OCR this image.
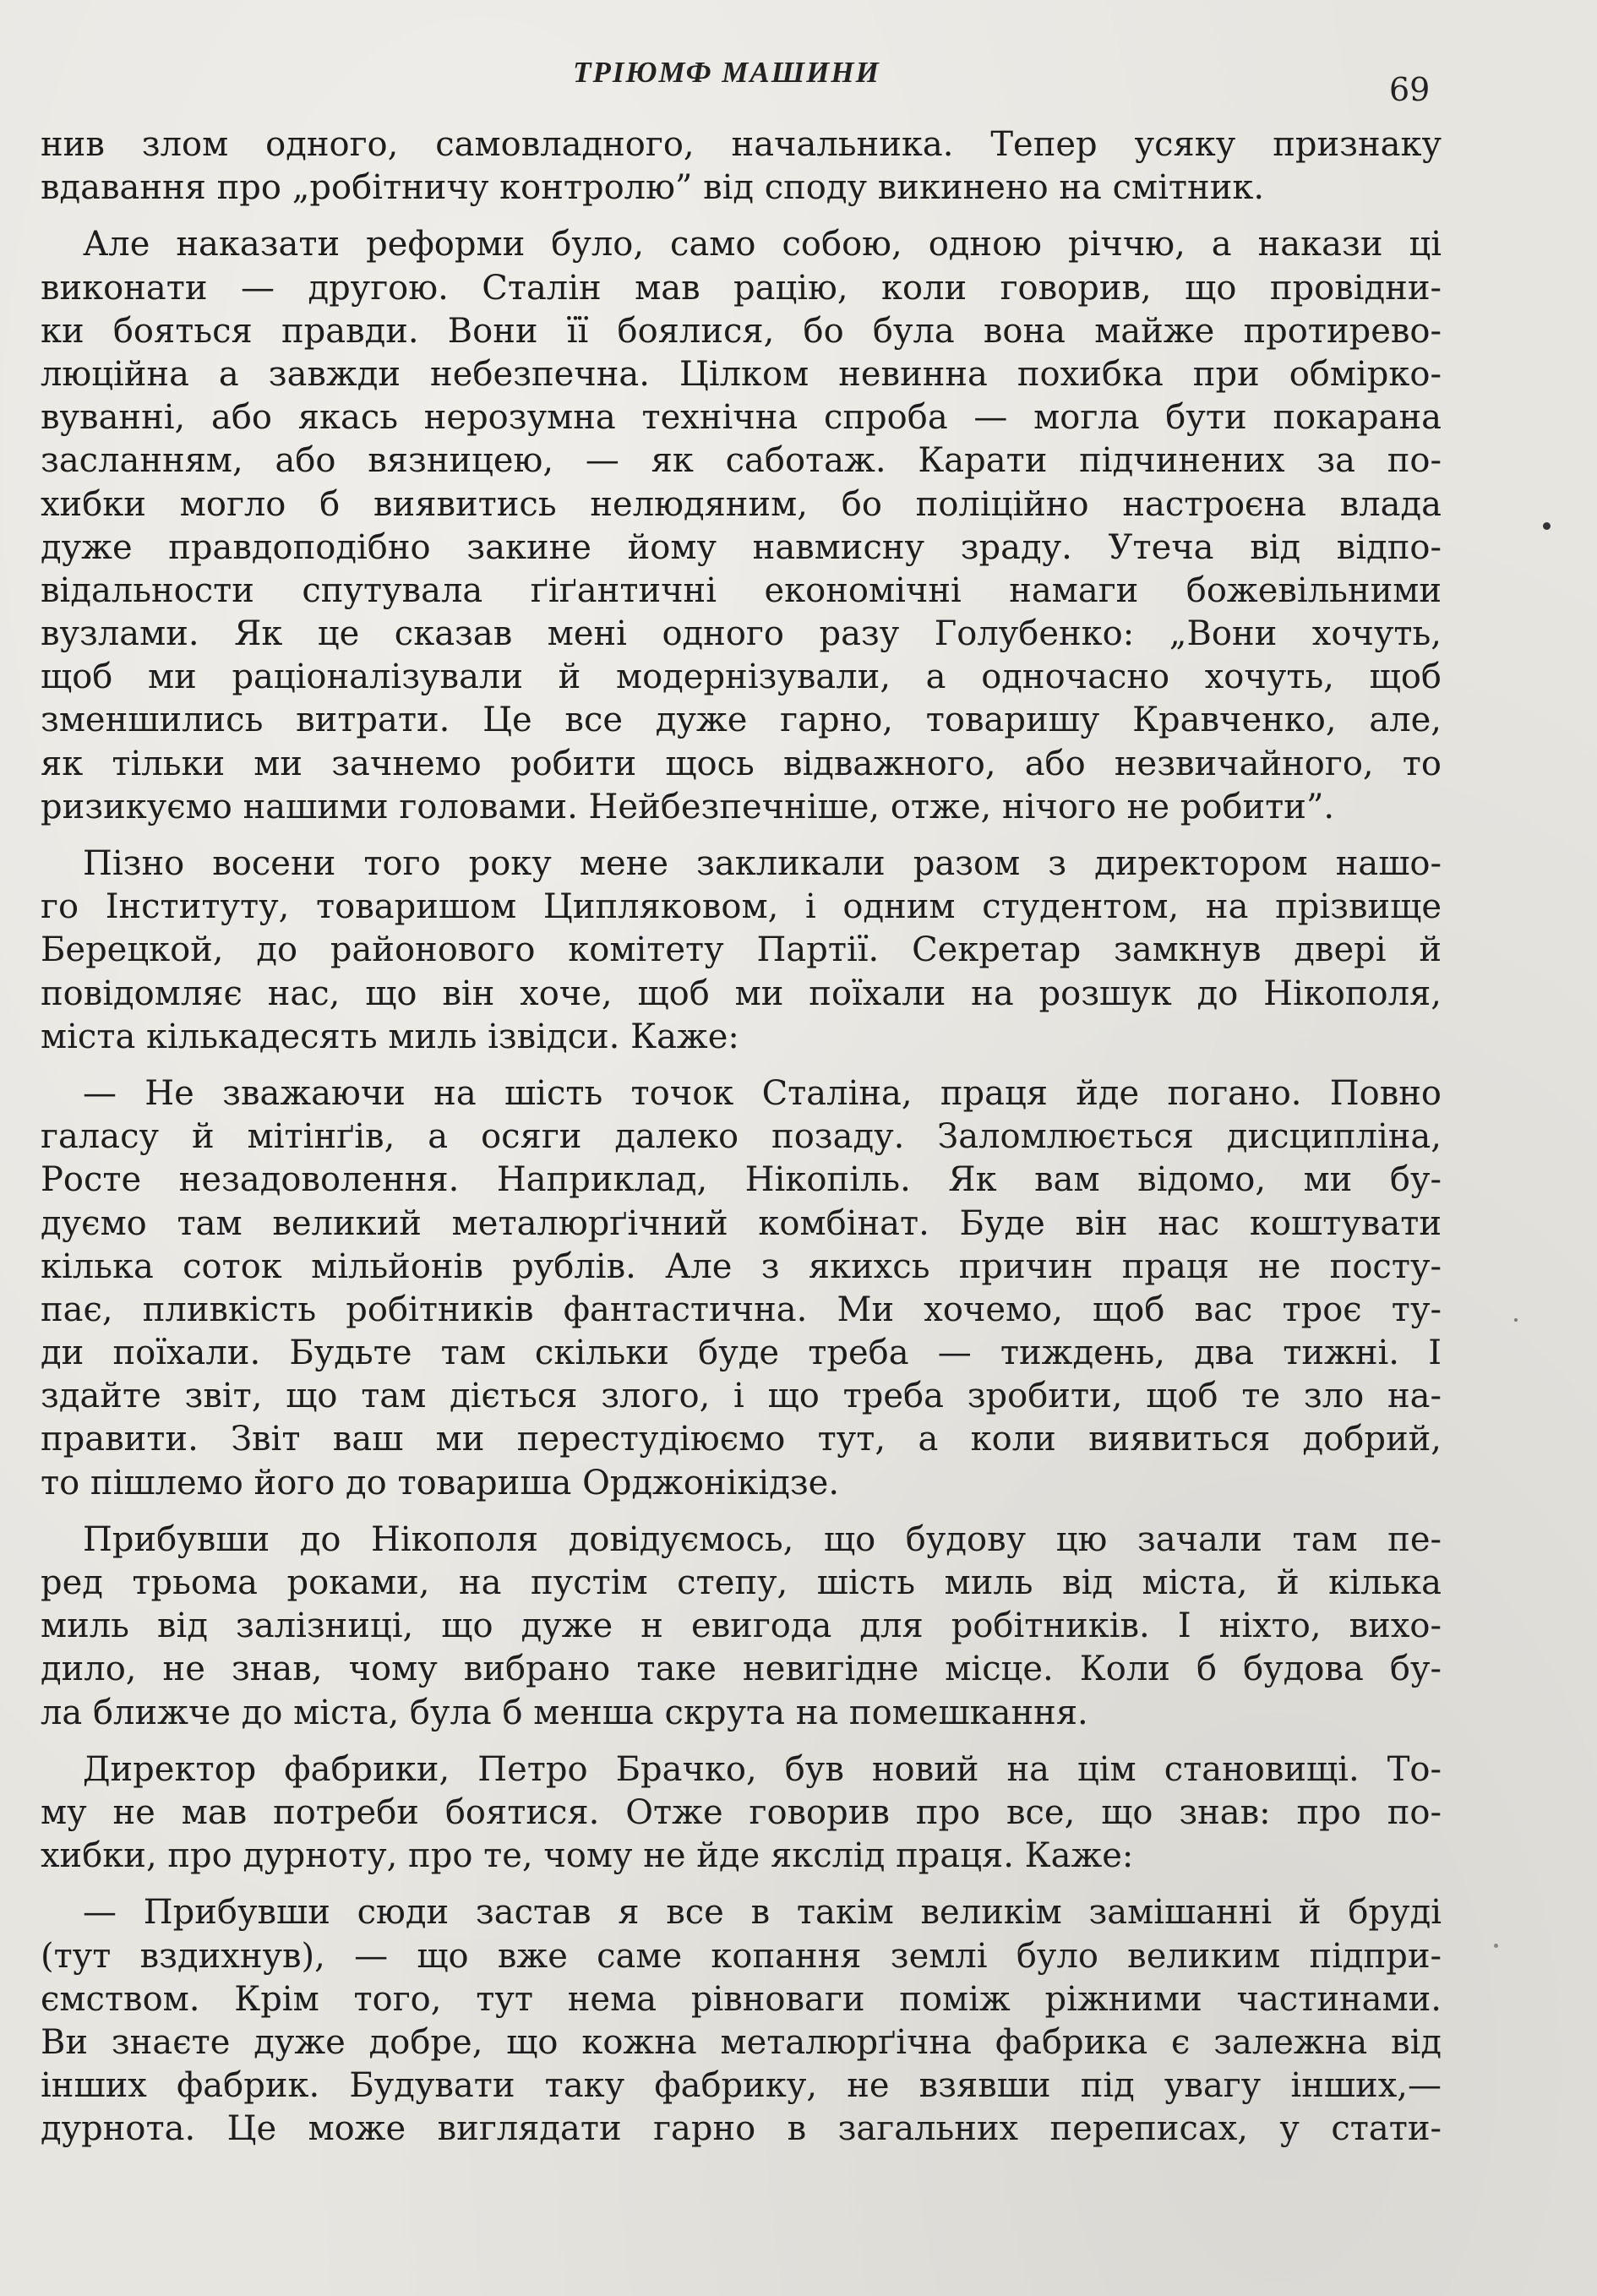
ТРІЮМФ МАШИНИ	69
нив злом одного, самовладного, начальника. Тепер усяку признаку
вдавання про „робітничу контролю” від споду викинено на смітник.
Але наказати реформи було, само собою, одною річчю, а накази ці
виконати — другою. Сталін мав рацію, коли говорив, що провідни-
ки бояться правди. Вони її боялися, бо була вона майже протирево-
люційна а завжди небезпечна. Цілком невинна похибка при обмірко-
вуванні, або якась нерозумна технічна спроба — могла бути покарана
засланням, або вязницею, — як саботаж. Карати підчинених за по-
хибки могло б виявитись нелюдяним, бо поліційно настроєна влада
дуже правдоподібно закине йому навмисну зраду. Утеча від відпо-
відальности спутувала ґіґантичні економічні намаги божевільними
вузлами. Як це сказав мені одного разу Голубенко: „Вони хочуть,
щоб ми раціоналізували й модернізували, а одночасно хочуть, щоб
зменшились витрати. Це все дуже гарно, товаришу Кравченко, але,
як тільки ми зачнемо робити щось відважного, або незвичайного, то
ризикуємо нашими головами. Нейбезпечніше, отже, нічого не робити”.
Пізно восени того року мене закликали разом з директором нашо-
го Інституту, товаришом Ципляковом, і одним студентом, на прізвище
Берецкой, до районового комітету Партії. Секретар замкнув двері й
повідомляє нас, що він хоче, щоб ми поїхали на розшук до Нікополя,
міста кількадесять миль ізвідси. Каже:
— Не зважаючи на шість точок Сталіна, праця йде погано. Повно
галасу й мітінґів, а осяги далеко позаду. Заломлюється дисципліна,
Росте незадоволення. Наприклад, Нікопіль. Як вам відомо, ми бу-
дуємо там великий металюрґічний комбінат. Буде він нас коштувати
кілька соток мільйонів рублів. Але з якихсь причин праця не посту-
пає, пливкість робітників фантастична. Ми хочемо, щоб вас троє ту-
ди поїхали. Будьте там скільки буде треба — тиждень, два тижні. І
здайте звіт, що там діється злого, і що треба зробити, щоб те зло на-
правити. Звіт ваш ми перестудіюємо тут, а коли виявиться добрий,
то пішлемо його до товариша Орджонікідзе.
Прибувши до Нікополя довідуємось, що будову цю зачали там пе-
ред трьома роками, на пустім степу, шість миль від міста, й кілька
миль від залізниці, що дуже н евигода для робітників. І ніхто, вихо-
дило, не знав, чому вибрано таке невигідне місце. Коли б будова бу-
ла ближче до міста, була б менша скрута на помешкання.
Директор фабрики, Петро Брачко, був новий на цім становищі. То-
му не мав потреби боятися. Отже говорив про все, що знав: про по-
хибки, про дурноту, про те, чому не йде якслід праця. Каже:
— Прибувши сюди застав я все в такім великім замішанні й бруді
(тут вздихнув), — що вже саме копання землі було великим підпри-
ємством. Крім того, тут нема рівноваги поміж ріжними частинами.
Ви знаєте дуже добре, що кожна металюрґічна фабрика є залежна від
інших фабрик. Будувати таку фабрику, не взявши під увагу інших,—
дурнота. Це може виглядати гарно в загальних переписах, у стати-
